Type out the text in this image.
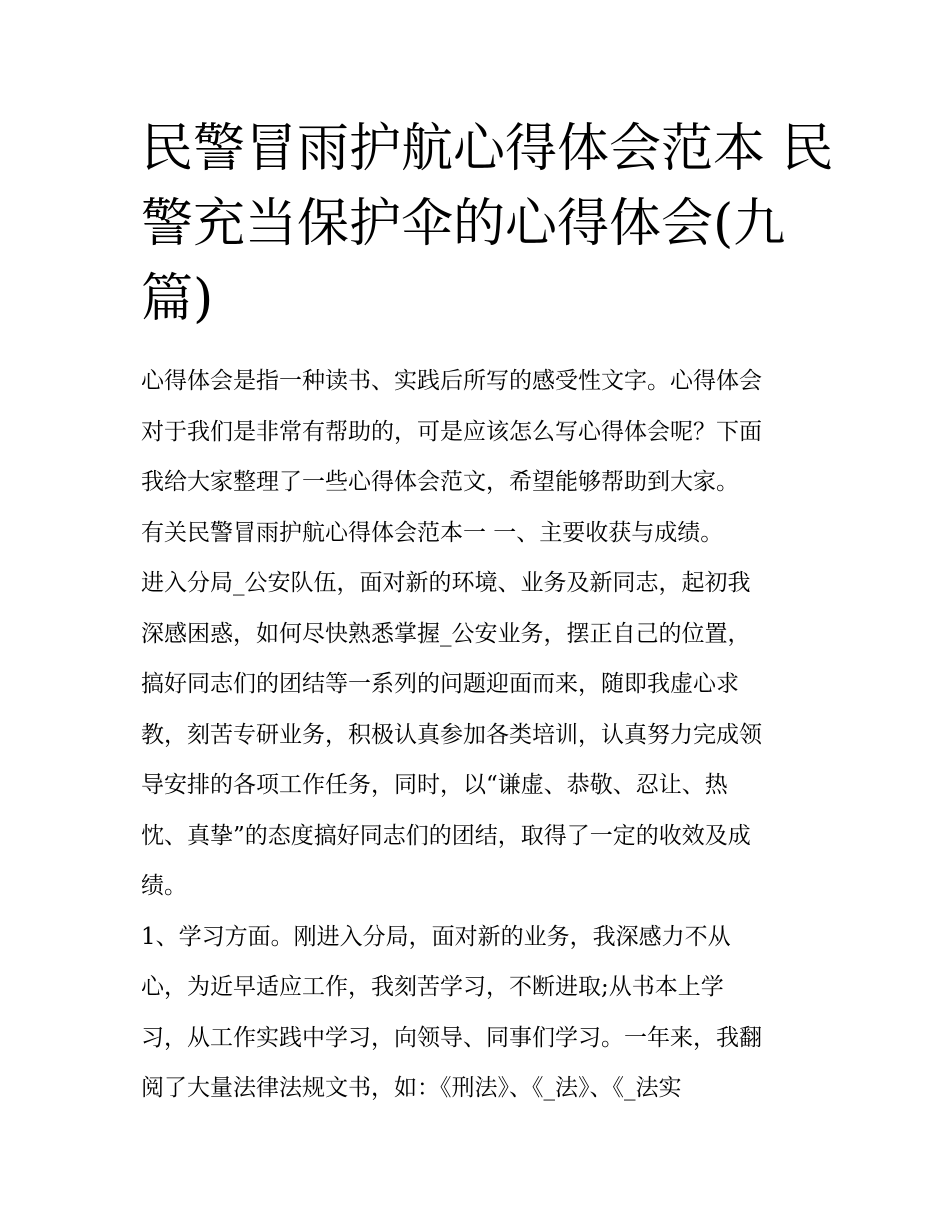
民警冒雨护航心得体会范本 民
警充当保护伞的心得体会(九
篇)
心得体会是指一种读书、实践后所写的感受性文字。心得体会
对于我们是非常有帮助的，可是应该怎么写心得体会呢？下面
我给大家整理了一些心得体会范文，希望能够帮助到大家。
有关民警冒雨护航心得体会范本一 一、主要收获与成绩。
进入分局_公安队伍，面对新的环境、业务及新同志，起初我
深感困惑，如何尽快熟悉掌握_公安业务，摆正自己的位置，
搞好同志们的团结等一系列的问题迎面而来，随即我虚心求
教，刻苦专研业务，积极认真参加各类培训，认真努力完成领
导安排的各项工作任务，同时，以“谦虚、恭敬、忍让、热
忱、真挚”的态度搞好同志们的团结，取得了一定的收效及成
绩。
1、学习方面。刚进入分局，面对新的业务，我深感力不从
心，为近早适应工作，我刻苦学习，不断进取;从书本上学
习，从工作实践中学习，向领导、同事们学习。一年来，我翻
阅了大量法律法规文书，如：《刑法》、《_法》、《_法实
